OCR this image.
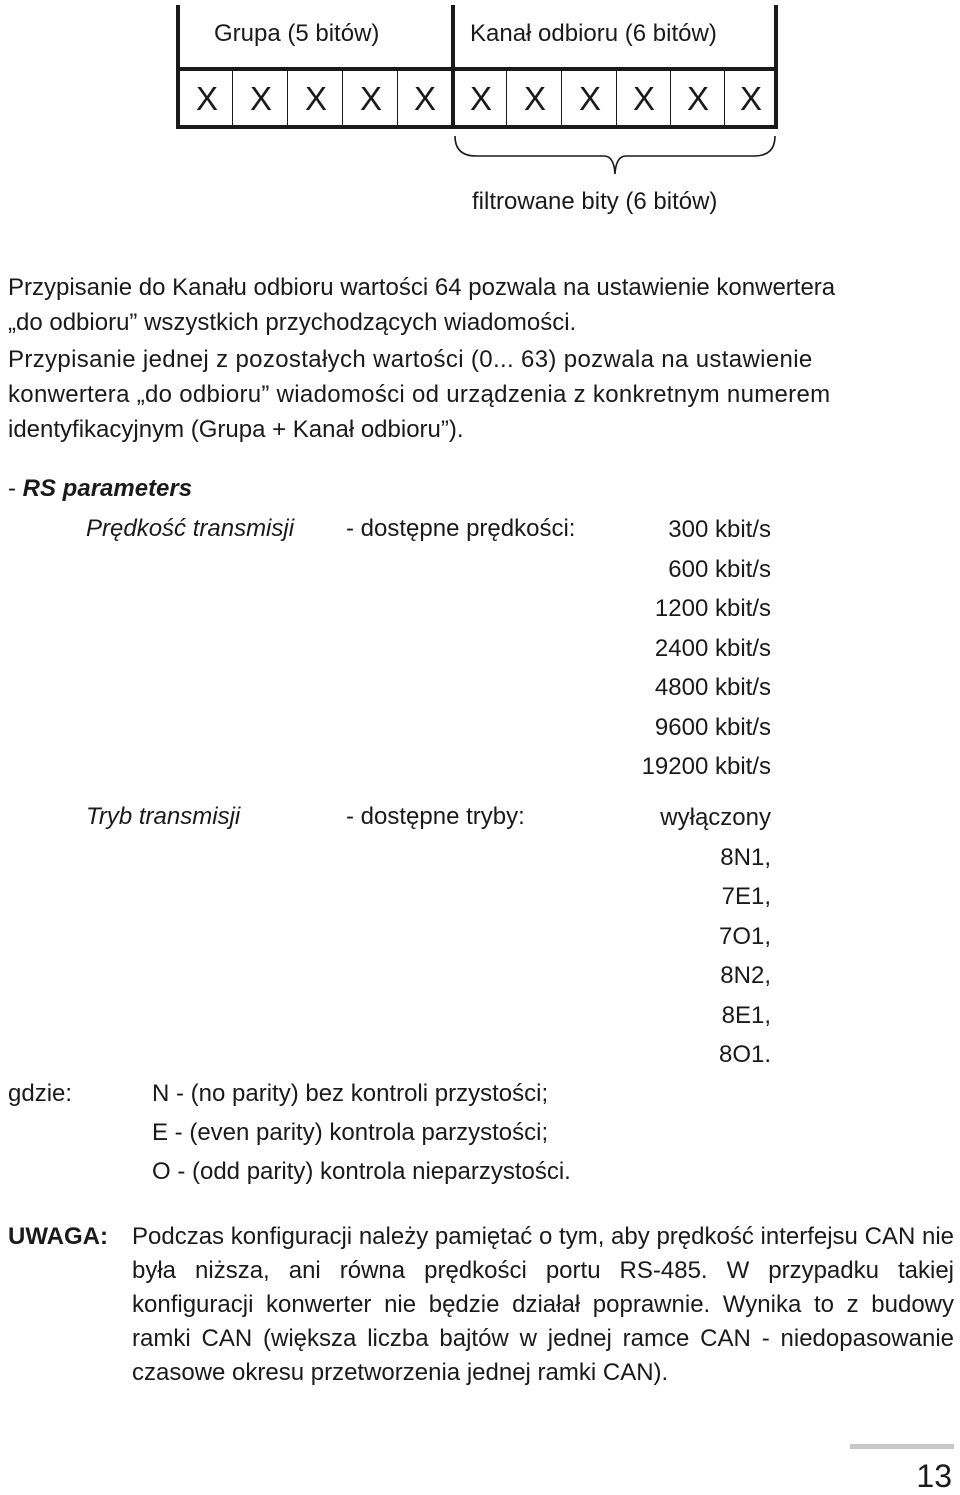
Grupa (5 bitów)	Kanał odbioru (6 bitów)
X X X X X	X X X X X X
filtrowane bity (6 bitów)
Przypisanie do Kanału odbioru wartości 64 pozwala na ustawienie konwertera
„do odbioru” wszystkich przychodzących wiadomości.
Przypisanie jednej z pozostałych wartości (0... 63) pozwala na ustawienie
konwertera „do odbioru” wiadomości od urządzenia z konkretnym numerem
identyfikacyjnym (Grupa + Kanał odbioru”).
- RS parameters
Prędkość transmisji - dostępne prędkości:	300 kbit/s
600 kbit/s
1200 kbit/s
2400 kbit/s
4800 kbit/s
9600 kbit/s
19200 kbit/s
Tryb transmisji	- dostępne tryby:	wyłączony
8N1,
7E1,
7O1,
8N2,
8E1,
8O1.
gdzie:	N - (no parity) bez kontroli przystości;
E - (even parity) kontrola parzystości;
O - (odd parity) kontrola nieparzystości.
UWAGA: Podczas konfiguracji należy pamiętać o tym, aby prędkość interfejsu CAN nie była niższa, ani równa prędkości portu RS-485. W przypadku takiej konfiguracji konwerter nie będzie działał poprawnie. Wynika to z budowy ramki CAN (większa liczba bajtów w jednej ramce CAN - niedopasowanie czasowe okresu przetworzenia jednej ramki CAN).
13
